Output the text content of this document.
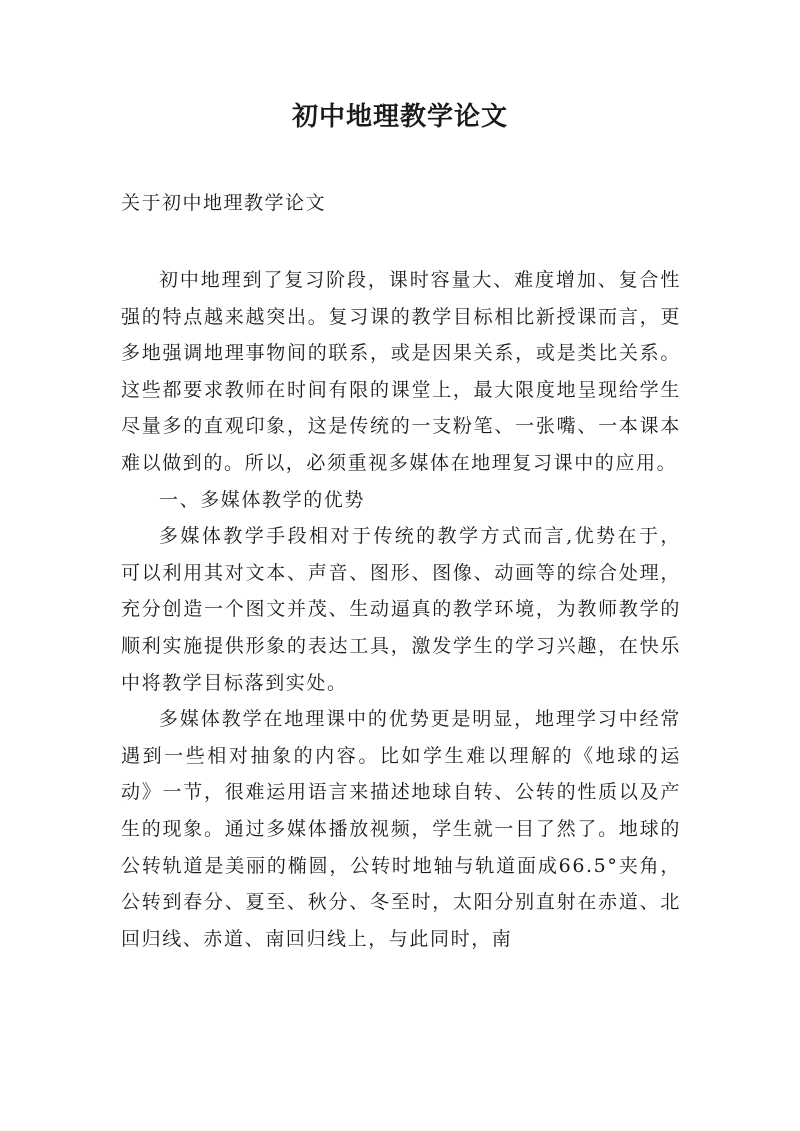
初中地理教学论文
关于初中地理教学论文

初中地理到了复习阶段，课时容量大、难度增加、复合性强的特点越来越突出。复习课的教学目标相比新授课而言，更多地强调地理事物间的联系，或是因果关系，或是类比关系。这些都要求教师在时间有限的课堂上，最大限度地呈现给学生尽量多的直观印象，这是传统的一支粉笔、一张嘴、一本课本难以做到的。所以，必须重视多媒体在地理复习课中的应用。

一、多媒体教学的优势

多媒体教学手段相对于传统的教学方式而言,优势在于，可以利用其对文本、声音、图形、图像、动画等的综合处理，充分创造一个图文并茂、生动逼真的教学环境，为教师教学的顺利实施提供形象的表达工具，激发学生的学习兴趣，在快乐中将教学目标落到实处。

多媒体教学在地理课中的优势更是明显，地理学习中经常遇到一些相对抽象的内容。比如学生难以理解的《地球的运动》一节，很难运用语言来描述地球自转、公转的性质以及产生的现象。通过多媒体播放视频，学生就一目了然了。地球的公转轨道是美丽的椭圆，公转时地轴与轨道面成66.5°夹角，公转到春分、夏至、秋分、冬至时，太阳分别直射在赤道、北回归线、赤道、南回归线上，与此同时，南
